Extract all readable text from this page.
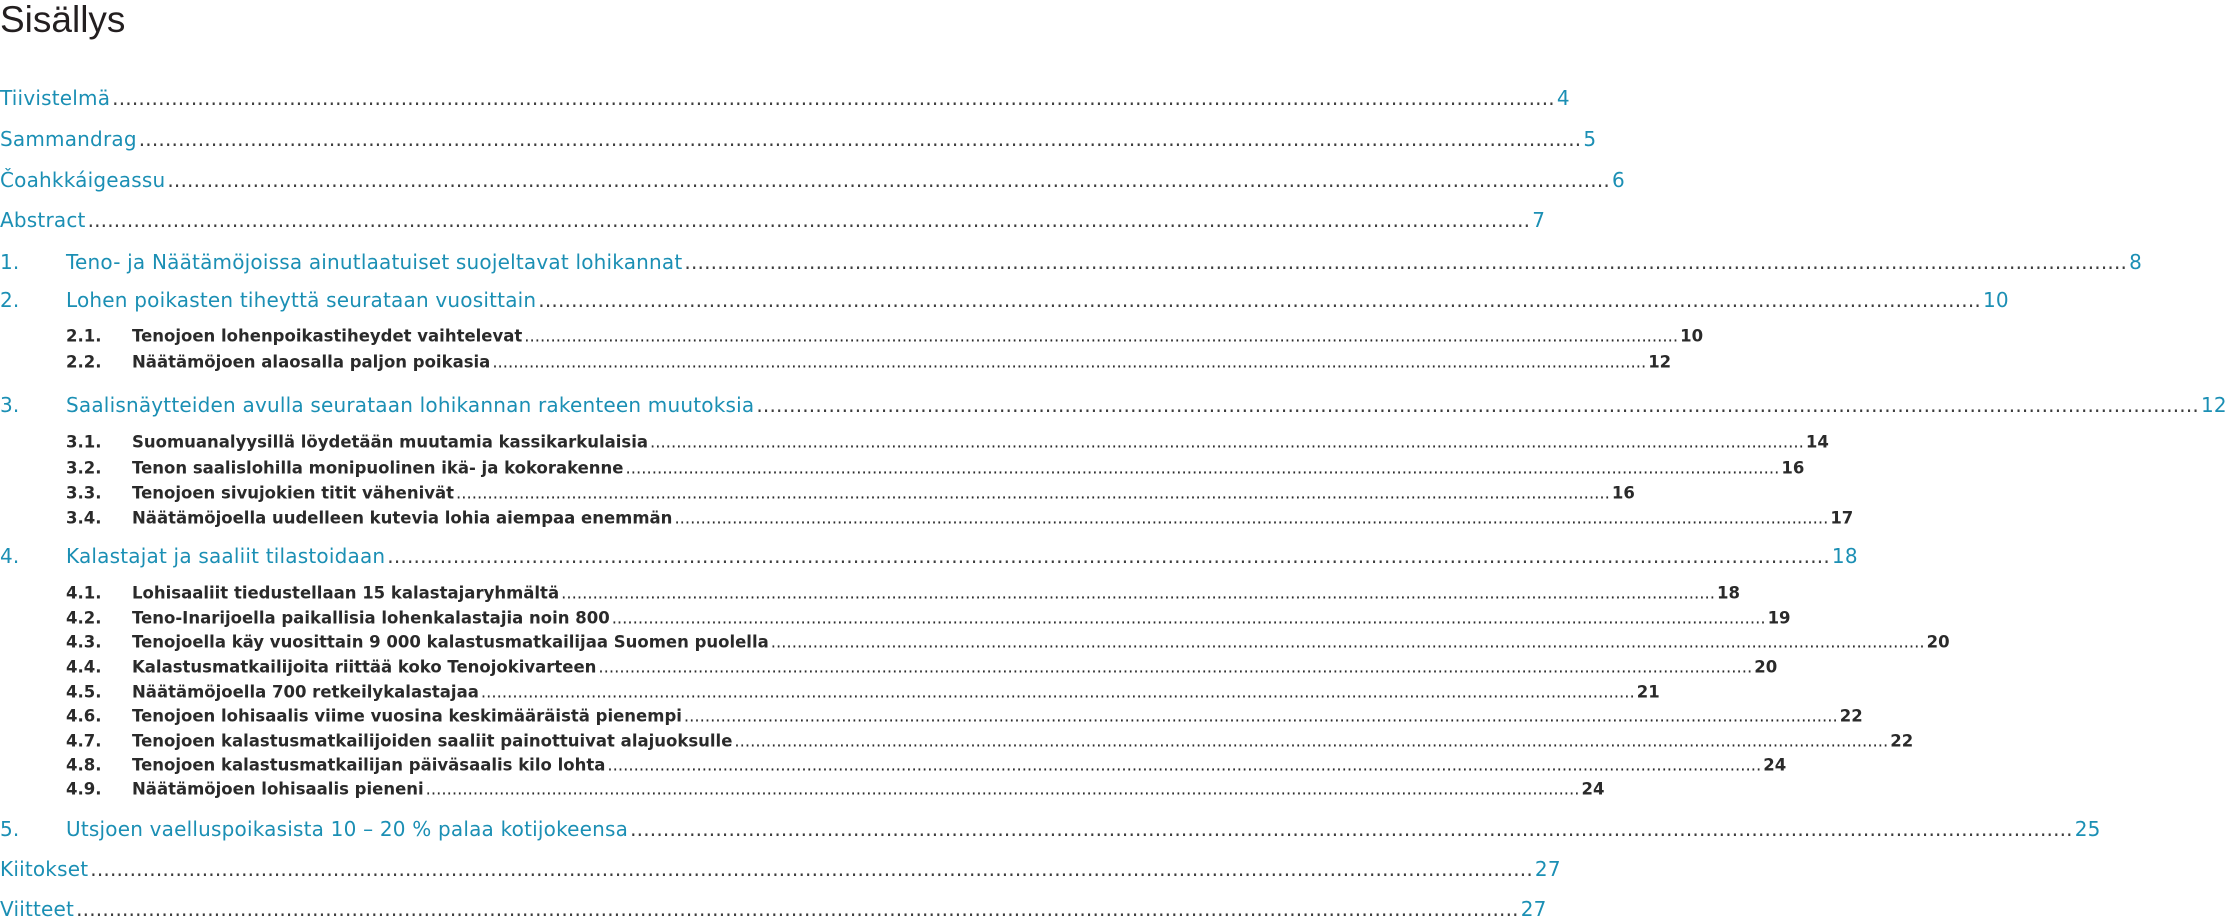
Sisällys
Tiivistelmä ............................................................................................................................................................................................................................ 4
Sammandrag ............................................................................................................................................................................................................................ 5
Čoahkkáigeassu ............................................................................................................................................................................................................................ 6
Abstract ............................................................................................................................................................................................................................ 7
1.	Teno- ja Näätämöjoissa ainutlaatuiset suojeltavat lohikannat ............................................................................................................................................................................................................................ 8
2.	Lohen poikasten tiheyttä seurataan vuosittain ............................................................................................................................................................................................................................ 10
2.1.	Tenojoen lohenpoikastiheydet vaihtelevat ............................................................................................................................................................................................................................ 10
2.2.	Näätämöjoen alaosalla paljon poikasia ............................................................................................................................................................................................................................ 12
3.	Saalisnäytteiden avulla seurataan lohikannan rakenteen muutoksia ............................................................................................................................................................................................................................ 12
3.1.	Suomuanalyysillä löydetään muutamia kassikarkulaisia ............................................................................................................................................................................................................................ 14
3.2.	Tenon saalislohilla monipuolinen ikä- ja kokorakenne ............................................................................................................................................................................................................................ 16
3.3.	Tenojoen sivujokien titit vähenivät ............................................................................................................................................................................................................................ 16
3.4.	Näätämöjoella uudelleen kutevia lohia aiempaa enemmän ............................................................................................................................................................................................................................ 17
4.	Kalastajat ja saaliit tilastoidaan ............................................................................................................................................................................................................................ 18
4.1.	Lohisaaliit tiedustellaan 15 kalastajaryhmältä ............................................................................................................................................................................................................................ 18
4.2.	Teno-Inarijoella paikallisia lohenkalastajia noin 800 ............................................................................................................................................................................................................................ 19
4.3.	Tenojoella käy vuosittain 9 000 kalastusmatkailijaa Suomen puolella ............................................................................................................................................................................................................................ 20
4.4.	Kalastusmatkailijoita riittää koko Tenojokivarteen ............................................................................................................................................................................................................................ 20
4.5.	Näätämöjoella 700 retkeilykalastajaa ............................................................................................................................................................................................................................ 21
4.6.	Tenojoen lohisaalis viime vuosina keskimääräistä pienempi ............................................................................................................................................................................................................................ 22
4.7.	Tenojoen kalastusmatkailijoiden saaliit painottuivat alajuoksulle ............................................................................................................................................................................................................................ 22
4.8.	Tenojoen kalastusmatkailijan päiväsaalis kilo lohta ............................................................................................................................................................................................................................ 24
4.9.	Näätämöjoen lohisaalis pieneni ............................................................................................................................................................................................................................ 24
5.	Utsjoen vaelluspoikasista 10 – 20 % palaa kotijokeensa ............................................................................................................................................................................................................................ 25
Kiitokset ............................................................................................................................................................................................................................ 27
Viitteet ............................................................................................................................................................................................................................ 27
